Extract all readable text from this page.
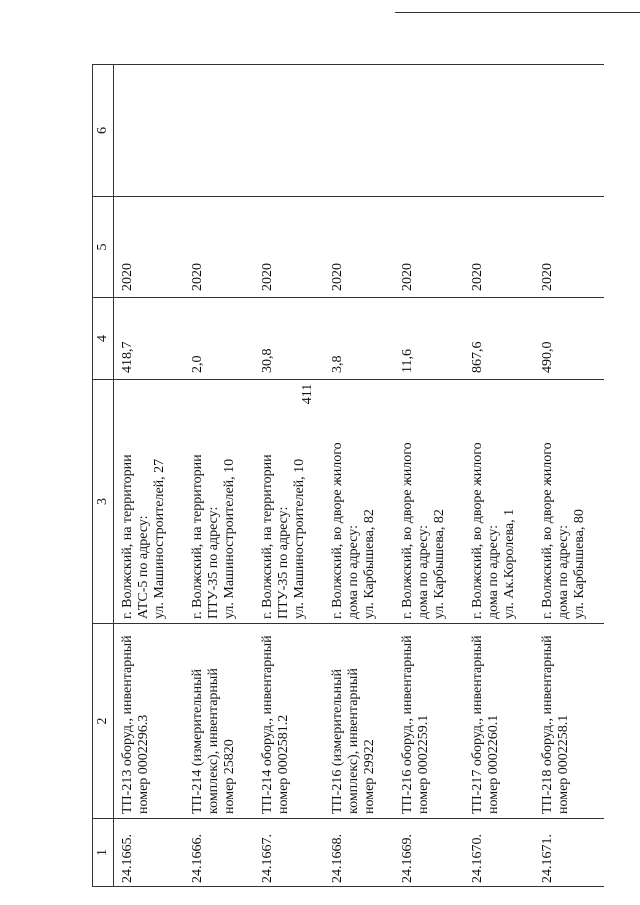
411
1	2	3	4	5	6
24.1665.	ТП-213 оборуд., инвентарный номер 0002296.3	г. Волжский, на территории АТС-5 по адресу: ул. Машиностроителей, 27	418,7	2020	
24.1666.	ТП-214 (измерительный комплекс), инвентарный номер 25820	г. Волжский, на территории ПТУ-35 по адресу: ул. Машиностроителей, 10	2,0	2020	
24.1667.	ТП-214 оборуд., инвентарный номер 0002581.2	г. Волжский, на территории ПТУ-35 по адресу: ул. Машиностроителей, 10	30,8	2020	
24.1668.	ТП-216 (измерительный комплекс), инвентарный номер 29922	г. Волжский, во дворе жилого дома по адресу: ул. Карбышева, 82	3,8	2020	
24.1669.	ТП-216 оборуд., инвентарный номер 0002259.1	г. Волжский, во дворе жилого дома по адресу: ул. Карбышева, 82	11,6	2020	
24.1670.	ТП-217 оборуд., инвентарный номер 0002260.1	г. Волжский, во дворе жилого дома по адресу: ул. Ак.Королева, 1	867,6	2020	
24.1671.	ТП-218 оборуд., инвентарный номер 0002258.1	г. Волжский, во дворе жилого дома по адресу: ул. Карбышева, 80	490,0	2020	
